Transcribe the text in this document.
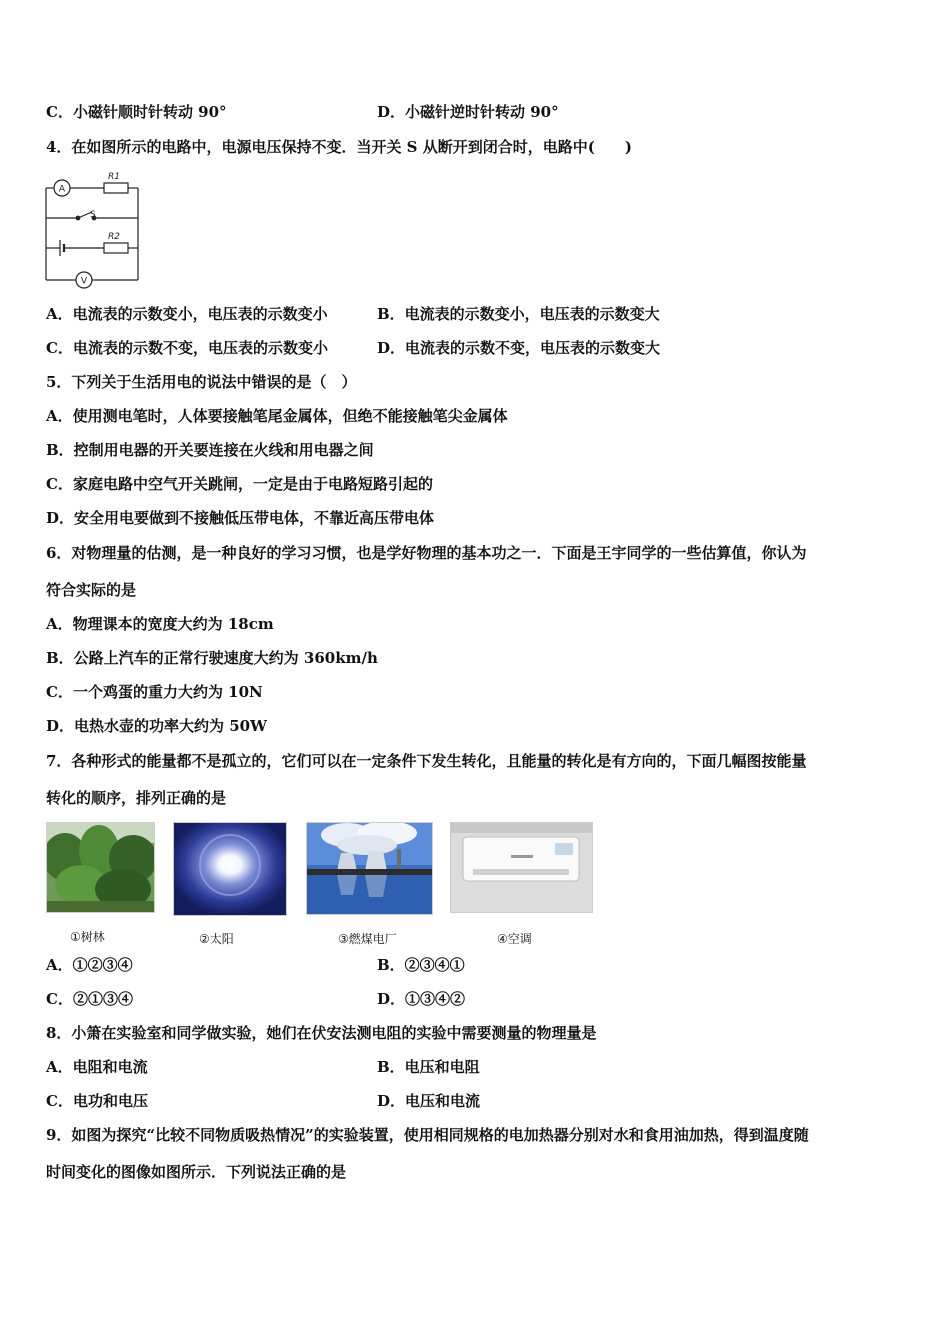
C．小磁针顺时针转动 90°	D．小磁针逆时针转动 90°
4．在如图所示的电路中，电源电压保持不变．当开关 S 从断开到闭合时，电路中(　　)
A
V
S
R1
R2
A．电流表的示数变小，电压表的示数变小	B．电流表的示数变小，电压表的示数变大
C．电流表的示数不变，电压表的示数变小	D．电流表的示数不变，电压表的示数变大
5．下列关于生活用电的说法中错误的是（　）
A．使用测电笔时，人体要接触笔尾金属体，但绝不能接触笔尖金属体
B．控制用电器的开关要连接在火线和用电器之间
C．家庭电路中空气开关跳闸，一定是由于电路短路引起的
D．安全用电要做到不接触低压带电体，不靠近高压带电体
6．对物理量的估测，是一种良好的学习习惯，也是学好物理的基本功之一．下面是王宇同学的一些估算值，你认为
符合实际的是
A．物理课本的宽度大约为 18cm
B．公路上汽车的正常行驶速度大约为 360km/h
C．一个鸡蛋的重力大约为 10N
D．电热水壶的功率大约为 50W
7．各种形式的能量都不是孤立的，它们可以在一定条件下发生转化，且能量的转化是有方向的，下面几幅图按能量
转化的顺序，排列正确的是
①树林	②太阳	③燃煤电厂	④空调
A．①②③④	B．②③④①
C．②①③④	D．①③④②
8．小箫在实验室和同学做实验，她们在伏安法测电阻的实验中需要测量的物理量是
A．电阻和电流	B．电压和电阻
C．电功和电压	D．电压和电流
9．如图为探究“比较不同物质吸热情况”的实验装置，使用相同规格的电加热器分别对水和食用油加热，得到温度随
时间变化的图像如图所示．下列说法正确的是
